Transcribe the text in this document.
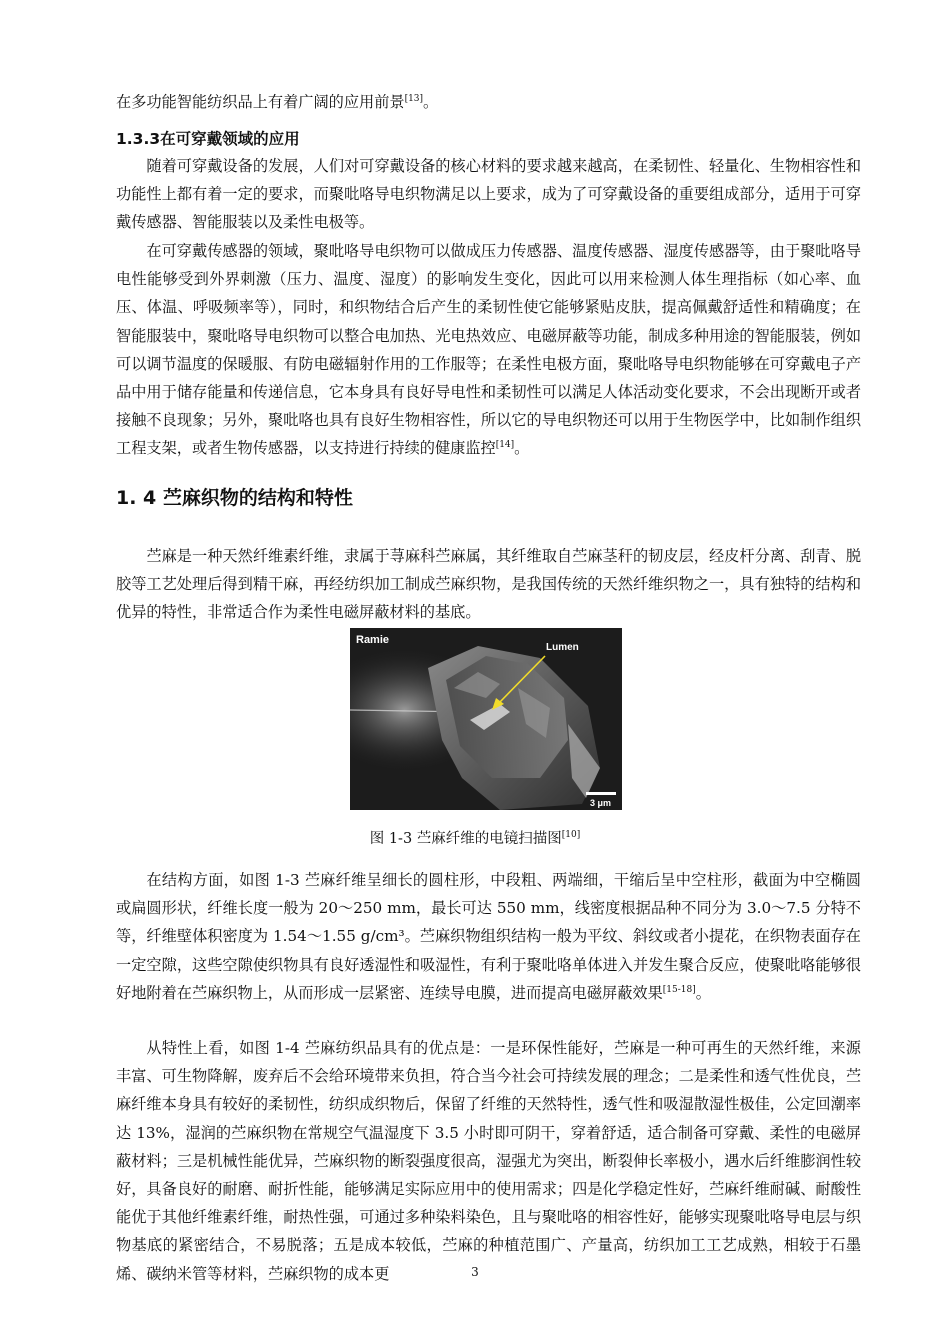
在多功能智能纺织品上有着广阔的应用前景[13]。

1.3.3在可穿戴领域的应用

随着可穿戴设备的发展，人们对可穿戴设备的核心材料的要求越来越高，在柔韧性、轻量化、生物相容性和功能性上都有着一定的要求，而聚吡咯导电织物满足以上要求，成为了可穿戴设备的重要组成部分，适用于可穿戴传感器、智能服装以及柔性电极等。

在可穿戴传感器的领域，聚吡咯导电织物可以做成压力传感器、温度传感器、湿度传感器等，由于聚吡咯导电性能够受到外界刺激（压力、温度、湿度）的影响发生变化，因此可以用来检测人体生理指标（如心率、血压、体温、呼吸频率等），同时，和织物结合后产生的柔韧性使它能够紧贴皮肤，提高佩戴舒适性和精确度；在智能服装中，聚吡咯导电织物可以整合电加热、光电热效应、电磁屏蔽等功能，制成多种用途的智能服装，例如可以调节温度的保暖服、有防电磁辐射作用的工作服等；在柔性电极方面，聚吡咯导电织物能够在可穿戴电子产品中用于储存能量和传递信息，它本身具有良好导电性和柔韧性可以满足人体活动变化要求，不会出现断开或者接触不良现象；另外，聚吡咯也具有良好生物相容性，所以它的导电织物还可以用于生物医学中，比如制作组织工程支架，或者生物传感器，以支持进行持续的健康监控[14]。

1. 4 苎麻织物的结构和特性

苎麻是一种天然纤维素纤维，隶属于荨麻科苎麻属，其纤维取自苎麻茎秆的韧皮层，经皮杆分离、刮青、脱胶等工艺处理后得到精干麻，再经纺织加工制成苎麻织物，是我国传统的天然纤维织物之一，具有独特的结构和优异的特性，非常适合作为柔性电磁屏蔽材料的基底。

Ramie
Lumen
3 μm
图 1-3 苎麻纤维的电镜扫描图[10]

在结构方面，如图 1-3 苎麻纤维呈细长的圆柱形，中段粗、两端细，干缩后呈中空柱形，截面为中空椭圆或扁圆形状，纤维长度一般为 20～250 mm，最长可达 550 mm，线密度根据品种不同分为 3.0～7.5 分特不等，纤维壁体积密度为 1.54～1.55 g/cm³。苎麻织物组织结构一般为平纹、斜纹或者小提花，在织物表面存在一定空隙，这些空隙使织物具有良好透湿性和吸湿性，有利于聚吡咯单体进入并发生聚合反应，使聚吡咯能够很好地附着在苎麻织物上，从而形成一层紧密、连续导电膜，进而提高电磁屏蔽效果[15-18]。

从特性上看，如图 1-4 苎麻纺织品具有的优点是：一是环保性能好，苎麻是一种可再生的天然纤维，来源丰富、可生物降解，废弃后不会给环境带来负担，符合当今社会可持续发展的理念；二是柔性和透气性优良，苎麻纤维本身具有较好的柔韧性，纺织成织物后，保留了纤维的天然特性，透气性和吸湿散湿性极佳，公定回潮率达 13%，湿润的苎麻织物在常规空气温湿度下 3.5 小时即可阴干，穿着舒适，适合制备可穿戴、柔性的电磁屏蔽材料；三是机械性能优异，苎麻织物的断裂强度很高，湿强尤为突出，断裂伸长率极小，遇水后纤维膨润性较好，具备良好的耐磨、耐折性能，能够满足实际应用中的使用需求；四是化学稳定性好，苎麻纤维耐碱、耐酸性能优于其他纤维素纤维，耐热性强，可通过多种染料染色，且与聚吡咯的相容性好，能够实现聚吡咯导电层与织物基底的紧密结合，不易脱落；五是成本较低，苎麻的种植范围广、产量高，纺织加工工艺成熟，相较于石墨烯、碳纳米管等材料，苎麻织物的成本更	3
